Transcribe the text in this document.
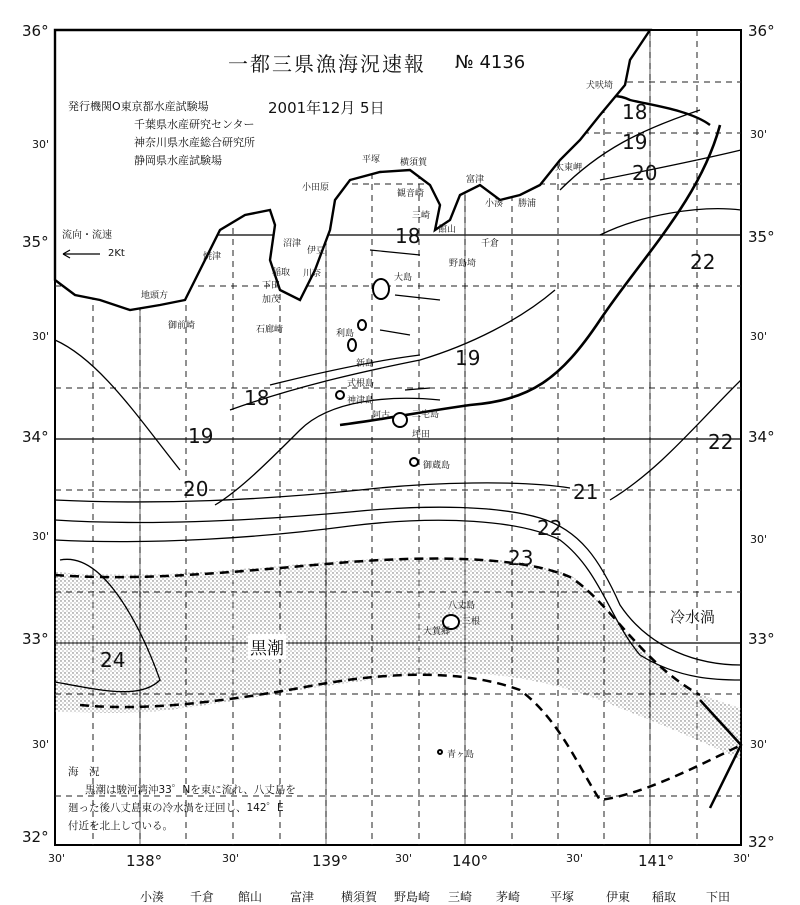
一都三県漁海況速報 № 4136
2001年12月 5日
発行機関O東京都水産試験場
千葉県水産研究センター
神奈川県水産総合研究所
静岡県水産試験場
流向・流速
2Kt
36°	36°
30'
30'
35°	35°
30'	30'
34°	34°
30'	30'
33°	33°
30'	30'
32°	32°
30'	138°	30'	139°	30'	140°	30'	141°	30'
18
19
20
18
22
19
18
19	22
20	21
22
23
24	黒潮
冷水渦
犬吠埼
太東岬
平塚 横須賀
富津
小田原
観音崎
三崎
小湊 勝浦
館山
千倉
野島埼
沼津
伊豆
焼津
川奈
下田
稲取
加茂
大島
地頭方
御前崎	石廊崎	利島
新島
式根島
神津島
阿古 三宅島
坪田
御蔵島
八丈島
三根
大賀郷
青ヶ島
海　況
黒潮は駿河湾沖33゜Nを東に流れ、八丈島を
廻った後八丈島東の冷水渦を迂回し、142゜E
付近を北上している。
小湊 千倉 館山 富津 横須賀 野島崎 三崎 茅崎 平塚	伊東 稲取 下田
